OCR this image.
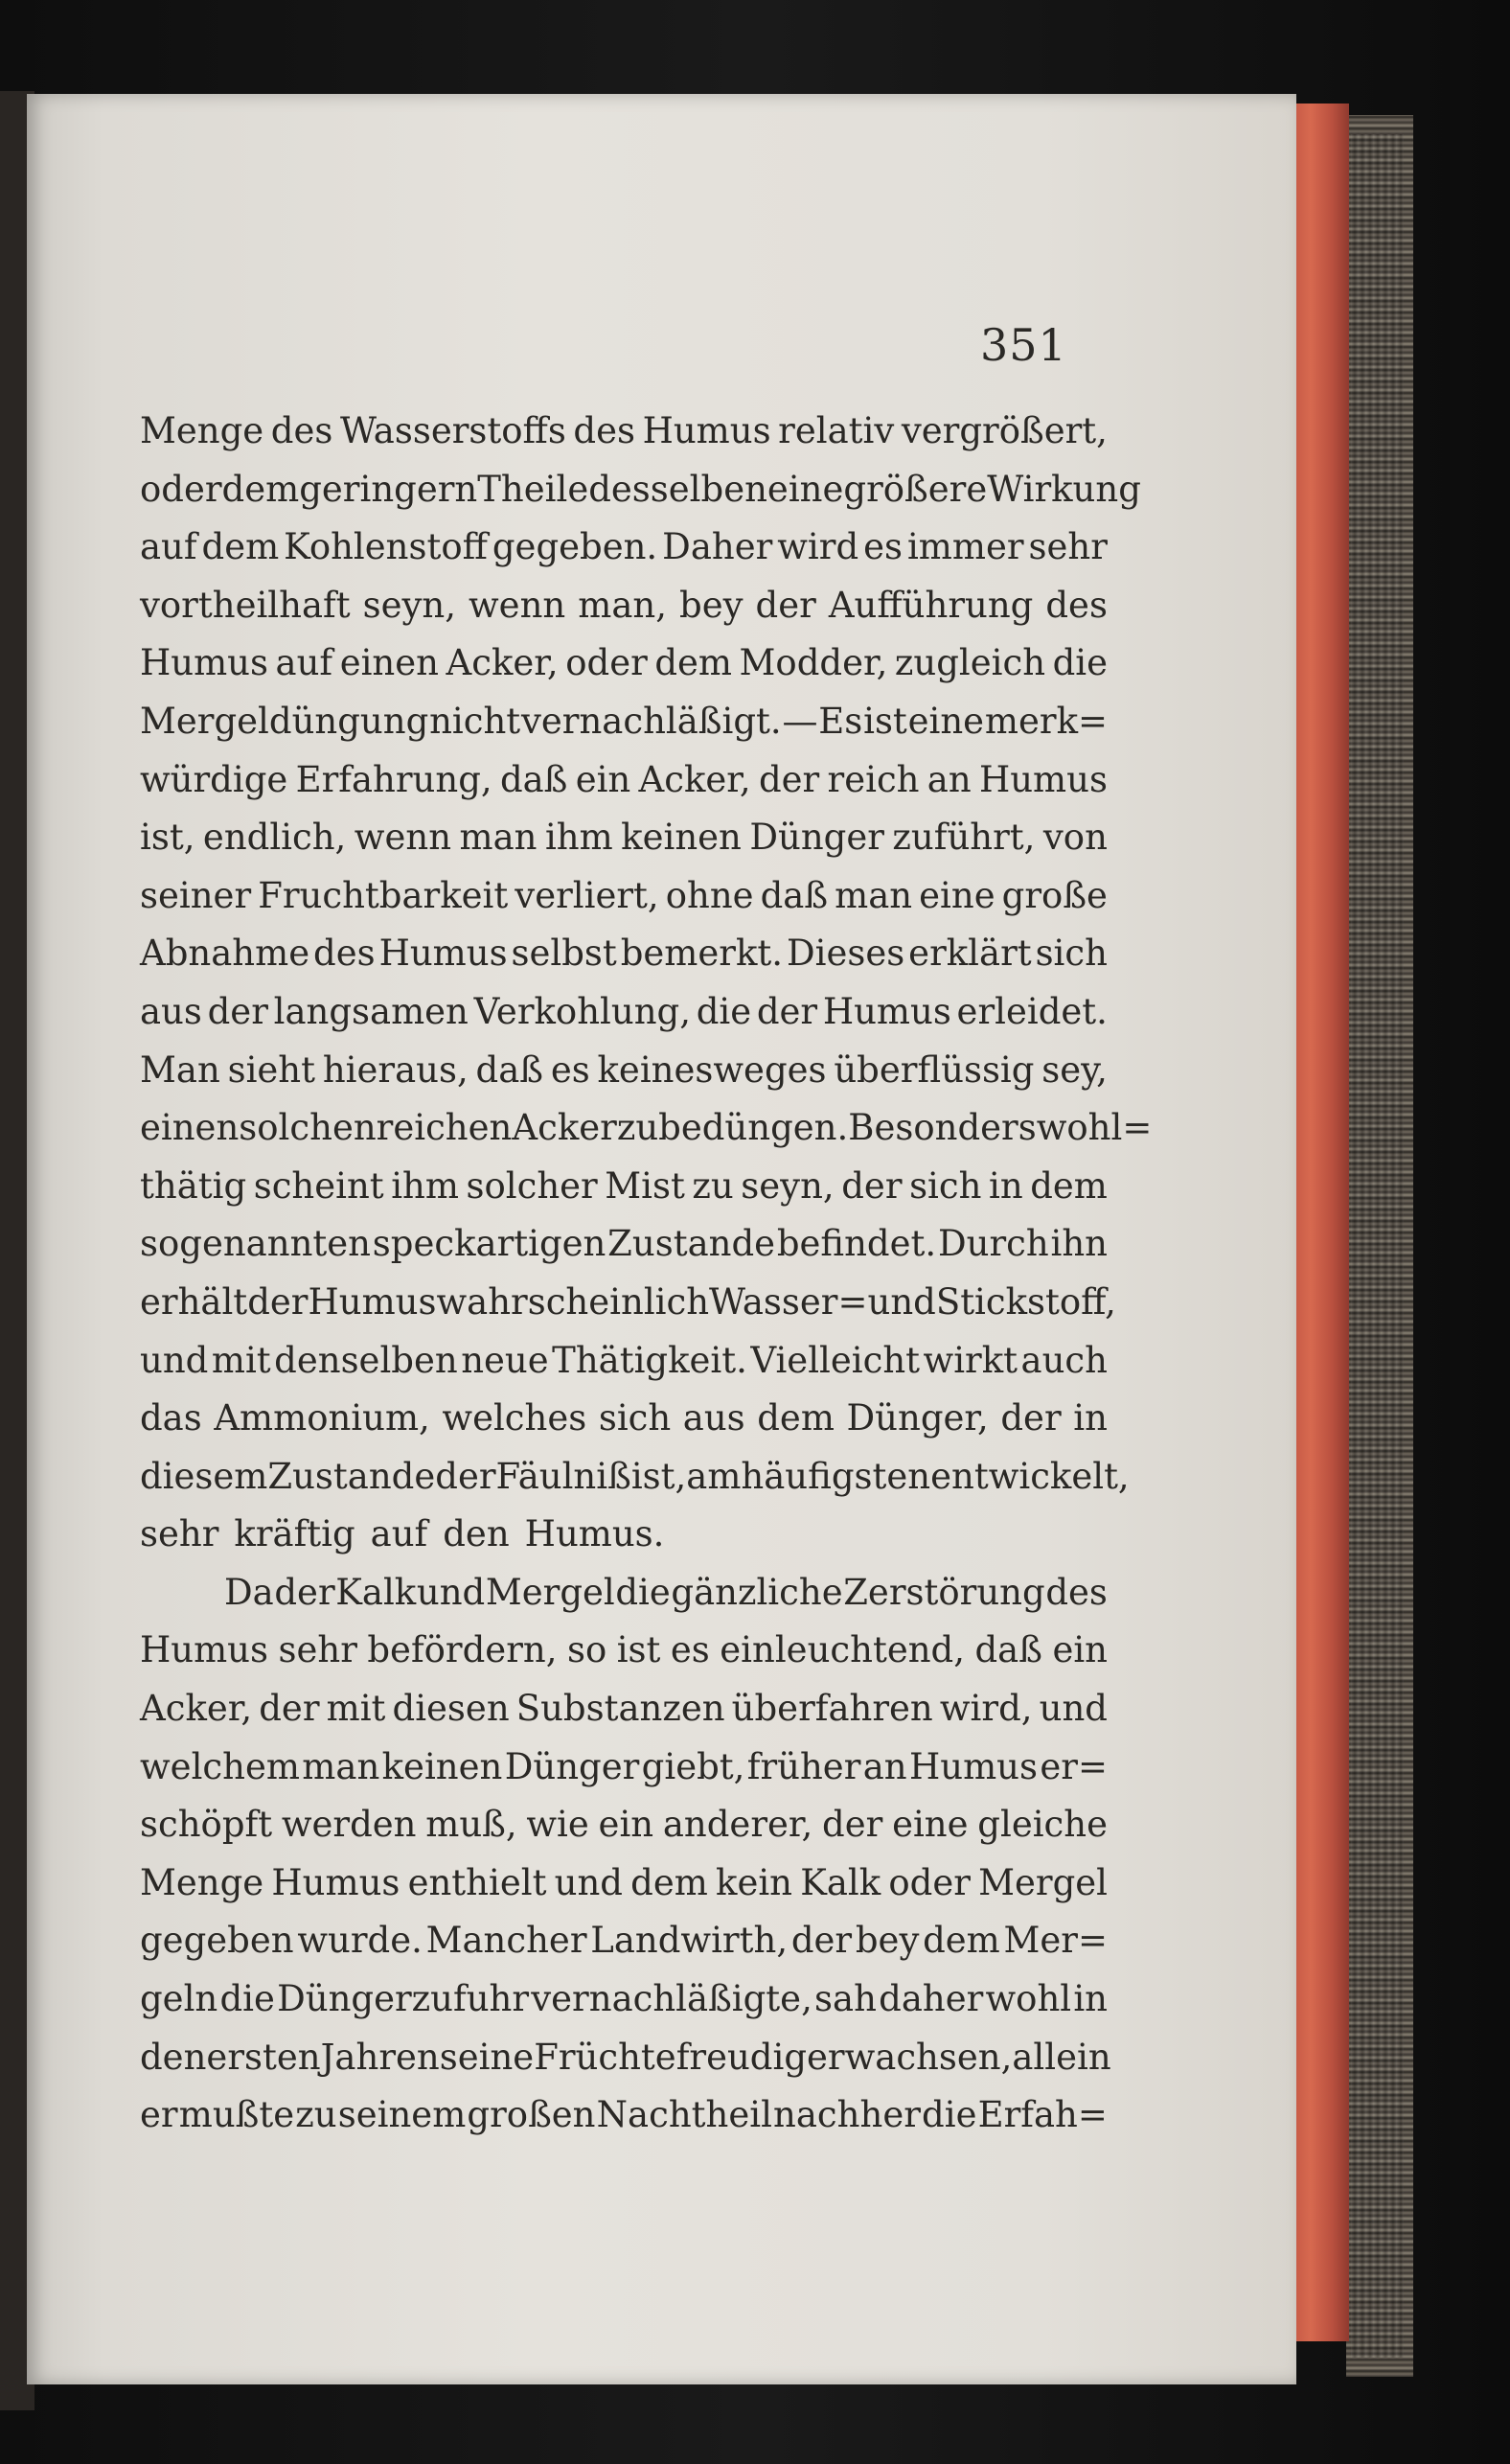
351
Menge des Wasserstoffs des Humus relativ vergrößert,
oder dem geringern Theile desselben eine größere Wirkung
auf dem Kohlenstoff gegeben. Daher wird es immer sehr
vortheilhaft seyn, wenn man, bey der Aufführung des
Humus auf einen Acker, oder dem Modder, zugleich die
Mergeldüngung nicht vernachläßigt. — Es ist eine merk=
würdige Erfahrung, daß ein Acker, der reich an Humus
ist, endlich, wenn man ihm keinen Dünger zuführt, von
seiner Fruchtbarkeit verliert, ohne daß man eine große
Abnahme des Humus selbst bemerkt. Dieses erklärt sich
aus der langsamen Verkohlung, die der Humus erleidet.
Man sieht hieraus, daß es keinesweges überflüssig sey,
einen solchen reichen Acker zu bedüngen. Besonders wohl=
thätig scheint ihm solcher Mist zu seyn, der sich in dem
sogenannten speckartigen Zustande befindet. Durch ihn
erhält der Humus wahrscheinlich Wasser= und Stickstoff,
und mit denselben neue Thätigkeit. Vielleicht wirkt auch
das Ammonium, welches sich aus dem Dünger, der in
diesem Zustande der Fäulniß ist, am häufigsten entwickelt,
sehr kräftig auf den Humus.
Da der Kalk und Mergel die gänzliche Zerstörung des
Humus sehr befördern, so ist es einleuchtend, daß ein
Acker, der mit diesen Substanzen überfahren wird, und
welchem man keinen Dünger giebt, früher an Humus er=
schöpft werden muß, wie ein anderer, der eine gleiche
Menge Humus enthielt und dem kein Kalk oder Mergel
gegeben wurde. Mancher Landwirth, der bey dem Mer=
geln die Düngerzufuhr vernachläßigte, sah daher wohl in
den ersten Jahren seine Früchte freudiger wachsen, allein
er mußte zu seinem großen Nachtheil nachher die Erfah=
